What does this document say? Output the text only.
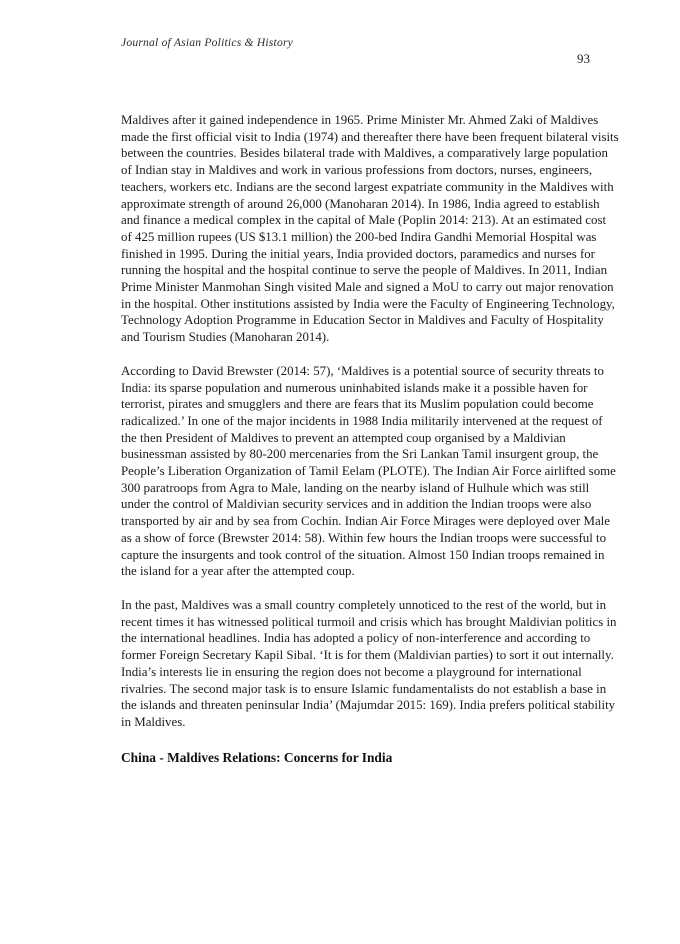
Journal of Asian Politics & History
93

Maldives after it gained independence in 1965. Prime Minister Mr. Ahmed Zaki of Maldives made the first official visit to India (1974) and thereafter there have been frequent bilateral visits between the countries. Besides bilateral trade with Maldives, a comparatively large population of Indian stay in Maldives and work in various professions from doctors, nurses, engineers, teachers, workers etc. Indians are the second largest expatriate community in the Maldives with approximate strength of around 26,000 (Manoharan 2014). In 1986, India agreed to establish and finance a medical complex in the capital of Male (Poplin 2014: 213). At an estimated cost of 425 million rupees (US $13.1 million) the 200-bed Indira Gandhi Memorial Hospital was finished in 1995. During the initial years, India provided doctors, paramedics and nurses for running the hospital and the hospital continue to serve the people of Maldives. In 2011, Indian Prime Minister Manmohan Singh visited Male and signed a MoU to carry out major renovation in the hospital. Other institutions assisted by India were the Faculty of Engineering Technology, Technology Adoption Programme in Education Sector in Maldives and Faculty of Hospitality and Tourism Studies (Manoharan 2014).

According to David Brewster (2014: 57), ‘Maldives is a potential source of security threats to India: its sparse population and numerous uninhabited islands make it a possible haven for terrorist, pirates and smugglers and there are fears that its Muslim population could become radicalized.’ In one of the major incidents in 1988 India militarily intervened at the request of the then President of Maldives to prevent an attempted coup organised by a Maldivian businessman assisted by 80-200 mercenaries from the Sri Lankan Tamil insurgent group, the People’s Liberation Organization of Tamil Eelam (PLOTE). The Indian Air Force airlifted some 300 paratroops from Agra to Male, landing on the nearby island of Hulhule which was still under the control of Maldivian security services and in addition the Indian troops were also transported by air and by sea from Cochin. Indian Air Force Mirages were deployed over Male as a show of force (Brewster 2014: 58). Within few hours the Indian troops were successful to capture the insurgents and took control of the situation. Almost 150 Indian troops remained in the island for a year after the attempted coup.

In the past, Maldives was a small country completely unnoticed to the rest of the world, but in recent times it has witnessed political turmoil and crisis which has brought Maldivian politics in the international headlines. India has adopted a policy of non-interference and according to former Foreign Secretary Kapil Sibal. ‘It is for them (Maldivian parties) to sort it out internally. India’s interests lie in ensuring the region does not become a playground for international rivalries. The second major task is to ensure Islamic fundamentalists do not establish a base in the islands and threaten peninsular India’ (Majumdar 2015: 169). India prefers political stability in Maldives.

China - Maldives Relations: Concerns for India
